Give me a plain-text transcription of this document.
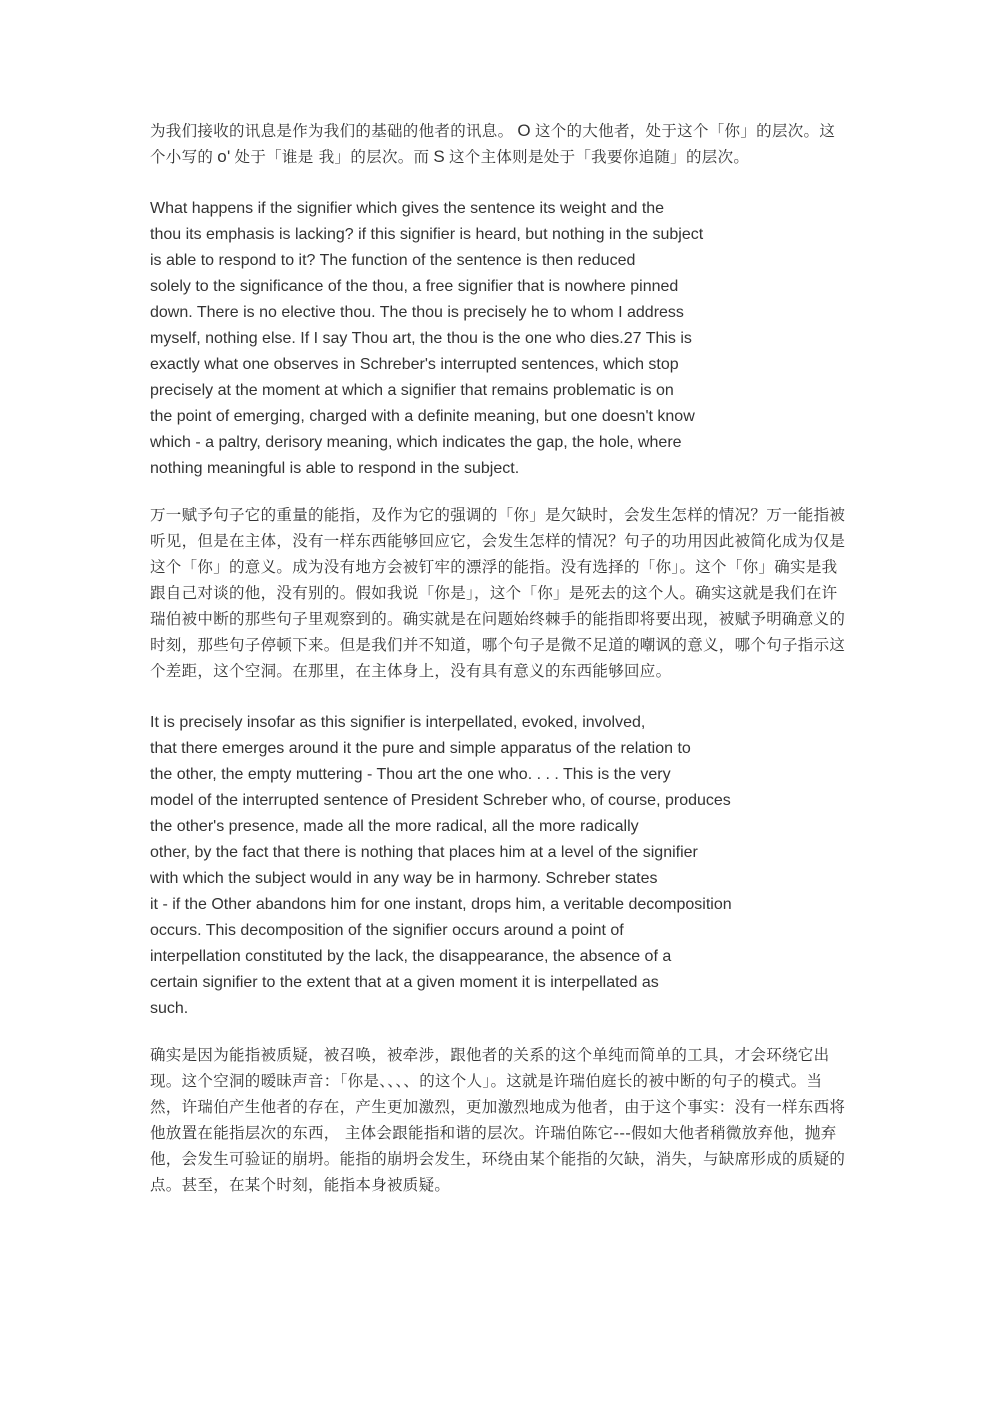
为我们接收的讯息是作为我们的基础的他者的讯息。 O 这个的大他者，处于这个「你」的层次。这个小写的 o' 处于「谁是 我」的层次。而 S 这个主体则是处于「我要你追随」的层次。

What happens if the signifier which gives the sentence its weight and the
thou its emphasis is lacking? if this signifier is heard, but nothing in the subject
is able to respond to it? The function of the sentence is then reduced
solely to the significance of the thou, a free signifier that is nowhere pinned
down. There is no elective thou. The thou is precisely he to whom I address
myself, nothing else. If I say Thou art, the thou is the one who dies.27 This is
exactly what one observes in Schreber's interrupted sentences, which stop
precisely at the moment at which a signifier that remains problematic is on
the point of emerging, charged with a definite meaning, but one doesn't know
which - a paltry, derisory meaning, which indicates the gap, the hole, where
nothing meaningful is able to respond in the subject.

万一赋予句子它的重量的能指，及作为它的强调的「你」是欠缺时，会发生怎样的情况？万一能指被听见，但是在主体，没有一样东西能够回应它，会发生怎样的情况？句子的功用因此被简化成为仅是这个「你」的意义。成为没有地方会被钉牢的漂浮的能指。没有选择的「你」。这个「你」确实是我跟自己对谈的他，没有别的。假如我说「你是」，这个「你」是死去的这个人。确实这就是我们在许瑞伯被中断的那些句子里观察到的。确实就是在问题始终棘手的能指即将要出现，被赋予明确意义的时刻，那些句子停顿下来。但是我们并不知道，哪个句子是微不足道的嘲讽的意义，哪个句子指示这个差距，这个空洞。在那里，在主体身上，没有具有意义的东西能够回应。

It is precisely insofar as this signifier is interpellated, evoked, involved,
that there emerges around it the pure and simple apparatus of the relation to
the other, the empty muttering - Thou art the one who. . . . This is the very
model of the interrupted sentence of President Schreber who, of course, produces
the other's presence, made all the more radical, all the more radically
other, by the fact that there is nothing that places him at a level of the signifier
with which the subject would in any way be in harmony. Schreber states
it - if the Other abandons him for one instant, drops him, a veritable decomposition
occurs. This decomposition of the signifier occurs around a point of
interpellation constituted by the lack, the disappearance, the absence of a
certain signifier to the extent that at a given moment it is interpellated as
such.

确实是因为能指被质疑，被召唤，被牵涉，跟他者的关系的这个单纯而简单的工具，才会环绕它出现。这个空洞的暧昧声音：「你是、、、、的这个人」。这就是许瑞伯庭长的被中断的句子的模式。当然，许瑞伯产生他者的存在，产生更加激烈，更加激烈地成为他者，由于这个事实：没有一样东西将他放置在能指层次的东西， 主体会跟能指和谐的层次。许瑞伯陈它---假如大他者稍微放弃他，抛弃他，会发生可验证的崩坍。能指的崩坍会发生，环绕由某个能指的欠缺，消失，与缺席形成的质疑的点。甚至，在某个时刻，能指本身被质疑。
